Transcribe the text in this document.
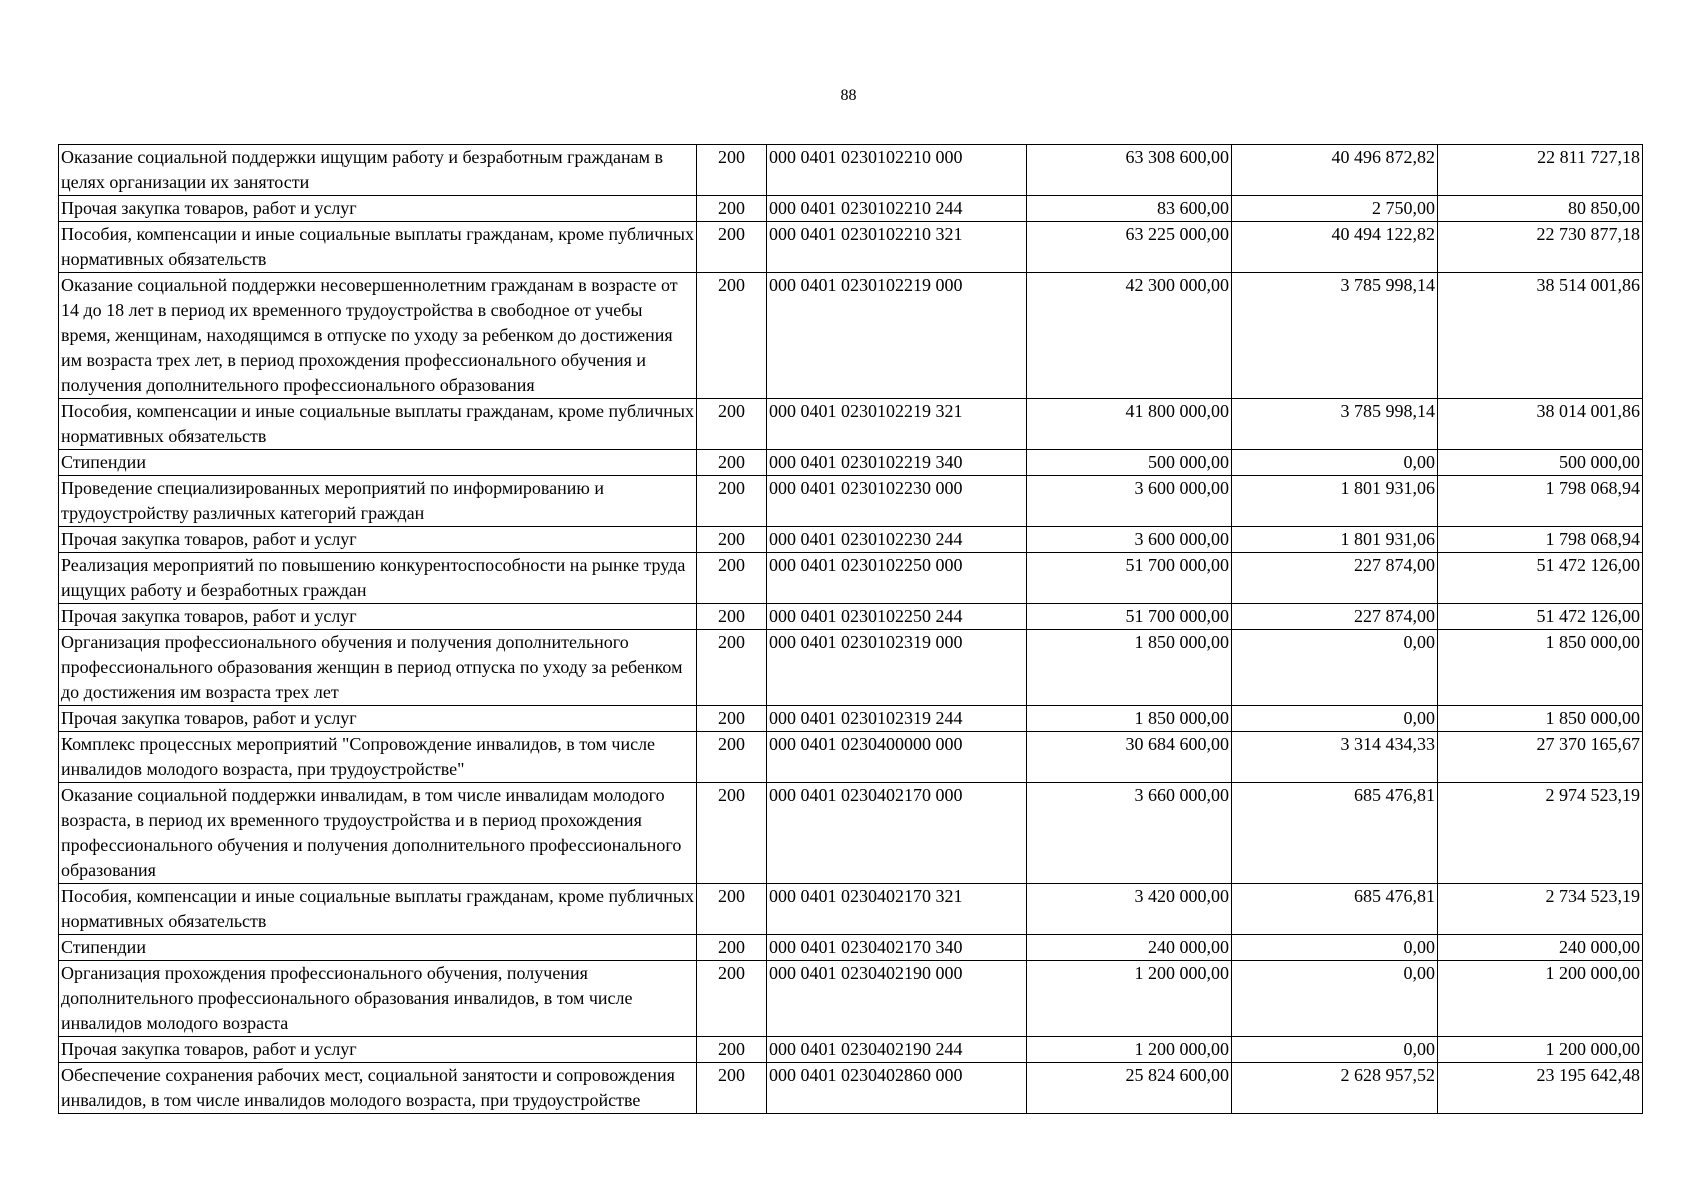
88
Оказание социальной поддержки ищущим работу и безработным гражданам в целях организации их занятости	200	000 0401 0230102210 000	63 308 600,00	40 496 872,82	22 811 727,18
Прочая закупка товаров, работ и услуг	200	000 0401 0230102210 244	83 600,00	2 750,00	80 850,00
Пособия, компенсации и иные социальные выплаты гражданам, кроме публичных нормативных обязательств	200	000 0401 0230102210 321	63 225 000,00	40 494 122,82	22 730 877,18
Оказание социальной поддержки несовершеннолетним гражданам в возрасте от 14 до 18 лет в период их временного трудоустройства в свободное от учебы время, женщинам, находящимся в отпуске по уходу за ребенком до достижения им возраста трех лет, в период прохождения профессионального обучения и получения дополнительного профессионального образования	200	000 0401 0230102219 000	42 300 000,00	3 785 998,14	38 514 001,86
Пособия, компенсации и иные социальные выплаты гражданам, кроме публичных нормативных обязательств	200	000 0401 0230102219 321	41 800 000,00	3 785 998,14	38 014 001,86
Стипендии	200	000 0401 0230102219 340	500 000,00	0,00	500 000,00
Проведение специализированных мероприятий по информированию и трудоустройству различных категорий граждан	200	000 0401 0230102230 000	3 600 000,00	1 801 931,06	1 798 068,94
Прочая закупка товаров, работ и услуг	200	000 0401 0230102230 244	3 600 000,00	1 801 931,06	1 798 068,94
Реализация мероприятий по повышению конкурентоспособности на рынке труда ищущих работу и безработных граждан	200	000 0401 0230102250 000	51 700 000,00	227 874,00	51 472 126,00
Прочая закупка товаров, работ и услуг	200	000 0401 0230102250 244	51 700 000,00	227 874,00	51 472 126,00
Организация профессионального обучения и получения дополнительного профессионального образования женщин в период отпуска по уходу за ребенком до достижения им возраста трех лет	200	000 0401 0230102319 000	1 850 000,00	0,00	1 850 000,00
Прочая закупка товаров, работ и услуг	200	000 0401 0230102319 244	1 850 000,00	0,00	1 850 000,00
Комплекс процессных мероприятий "Сопровождение инвалидов, в том числе инвалидов молодого возраста, при трудоустройстве"	200	000 0401 0230400000 000	30 684 600,00	3 314 434,33	27 370 165,67
Оказание социальной поддержки инвалидам, в том числе инвалидам молодого возраста, в период их временного трудоустройства и в период прохождения профессионального обучения и получения дополнительного профессионального образования	200	000 0401 0230402170 000	3 660 000,00	685 476,81	2 974 523,19
Пособия, компенсации и иные социальные выплаты гражданам, кроме публичных нормативных обязательств	200	000 0401 0230402170 321	3 420 000,00	685 476,81	2 734 523,19
Стипендии	200	000 0401 0230402170 340	240 000,00	0,00	240 000,00
Организация прохождения профессионального обучения, получения дополнительного профессионального образования инвалидов, в том числе инвалидов молодого возраста	200	000 0401 0230402190 000	1 200 000,00	0,00	1 200 000,00
Прочая закупка товаров, работ и услуг	200	000 0401 0230402190 244	1 200 000,00	0,00	1 200 000,00
Обеспечение сохранения рабочих мест, социальной занятости и сопровождения инвалидов, в том числе инвалидов молодого возраста, при трудоустройстве	200	000 0401 0230402860 000	25 824 600,00	2 628 957,52	23 195 642,48
